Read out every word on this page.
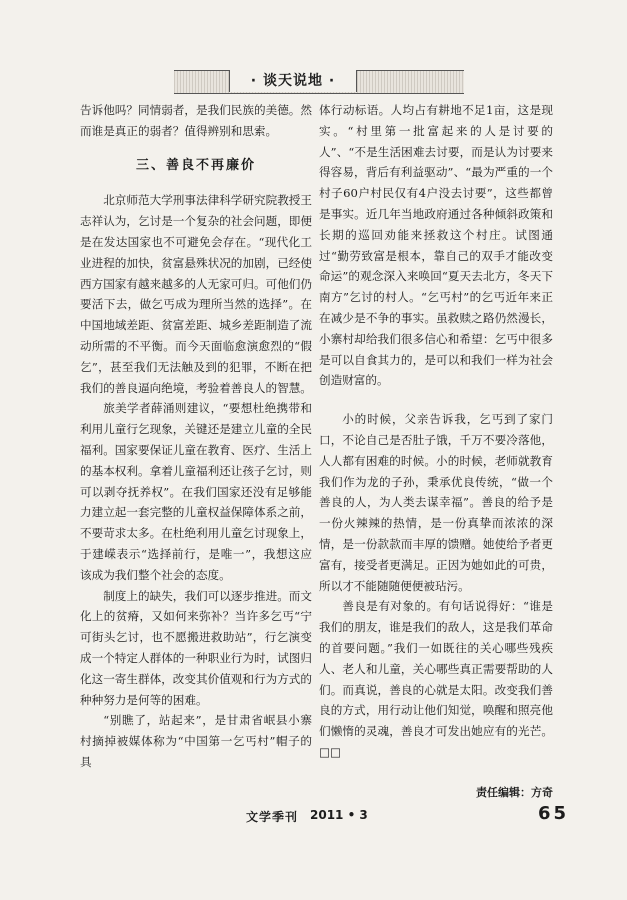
· 谈天说地 ·

告诉他吗？同情弱者，是我们民族的美德。然而谁是真正的弱者？值得辨别和思索。

三、善良不再廉价

北京师范大学刑事法律科学研究院教授王志祥认为，乞讨是一个复杂的社会问题，即便是在发达国家也不可避免会存在。“现代化工业进程的加快，贫富悬殊状况的加剧，已经使西方国家有越来越多的人无家可归。可他们仍要活下去，做乞丐成为理所当然的选择”。在中国地域差距、贫富差距、城乡差距制造了流动所需的不平衡。而今天面临愈演愈烈的“假乞”，甚至我们无法触及到的犯罪，不断在把我们的善良逼向绝境，考验着善良人的智慧。

旅美学者薛涌则建议，“要想杜绝携带和利用儿童行乞现象，关键还是建立儿童的全民福利。国家要保证儿童在教育、医疗、生活上的基本权利。拿着儿童福利还让孩子乞讨，则可以剥夺抚养权”。在我们国家还没有足够能力建立起一套完整的儿童权益保障体系之前，不要苛求太多。在杜绝利用儿童乞讨现象上，于建嵘表示“选择前行，是唯一”，我想这应该成为我们整个社会的态度。

制度上的缺失，我们可以逐步推进。而文化上的贫瘠，又如何来弥补？当许多乞丐“宁可街头乞讨，也不愿搬进救助站”，行乞演变成一个特定人群体的一种职业行为时，试图归化这一寄生群体，改变其价值观和行为方式的种种努力是何等的困难。

“别瞧了，站起来”，是甘肃省岷县小寨村摘掉被媒体称为“中国第一乞丐村”帽子的具

体行动标语。人均占有耕地不足1亩，这是现实。“村里第一批富起来的人是讨要的人”、“不是生活困难去讨要，而是认为讨要来得容易，背后有利益驱动”、“最为严重的一个村子60户村民仅有4户没去讨要”，这些都曾是事实。近几年当地政府通过各种倾斜政策和长期的巡回劝能来拯救这个村庄。试图通过“勤劳致富是根本，靠自己的双手才能改变命运”的观念深入来唤回“夏天去北方，冬天下南方”乞讨的村人。“乞丐村”的乞丐近年来正在减少是不争的事实。虽救赎之路仍然漫长，小寨村却给我们很多信心和希望：乞丐中很多是可以自食其力的，是可以和我们一样为社会创造财富的。

小的时候，父亲告诉我，乞丐到了家门口，不论自己是否肚子饿，千万不要冷落他，人人都有困难的时候。小的时候，老师就教育我们作为龙的子孙，秉承优良传统，“做一个善良的人，为人类去谋幸福”。善良的给予是一份火辣辣的热情，是一份真挚而浓浓的深情，是一份款款而丰厚的馈赠。她使给予者更富有，接受者更满足。正因为她如此的可贵，所以才不能随随便便被玷污。

善良是有对象的。有句话说得好：“谁是我们的朋友，谁是我们的敌人，这是我们革命的首要问题。”我们一如既往的关心哪些残疾人、老人和儿童，关心哪些真正需要帮助的人们。而真说，善良的心就是太阳。改变我们善良的方式，用行动让他们知觉，唤醒和照亮他们懒惰的灵魂，善良才可发出她应有的光芒。□□

责任编辑：方奇
文学季刊 2011 • 3	65
